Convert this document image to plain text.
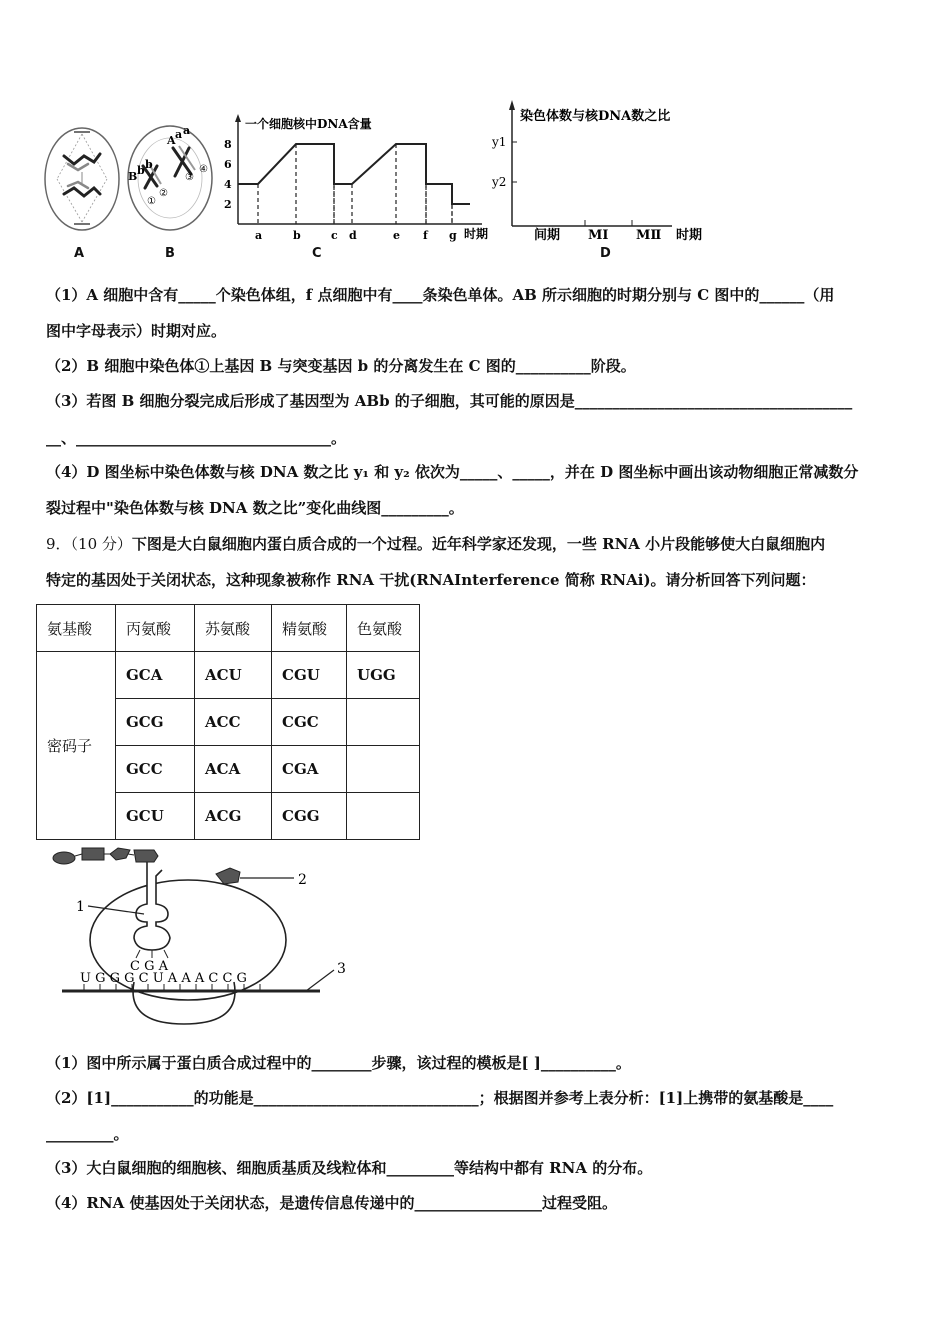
A
B b b
A a a
①
②
③
④
B
一个细胞核中DNA含量
时期
2
4
6
8
a	b	c d	e f g
C
染色体数与核DNA数之比
时期
y1
y2
间期 MⅠ MⅡ
D
（1）A 细胞中含有_____个染色体组，f 点细胞中有____条染色单体。AB 所示细胞的时期分别与 C 图中的______（用
图中字母表示）时期对应。
（2）B 细胞中染色体①上基因 B 与突变基因 b 的分离发生在 C 图的__________阶段。
（3）若图 B 细胞分裂完成后形成了基因型为 ABb 的子细胞，其可能的原因是_____________________________________
__、__________________________________。
（4）D 图坐标中染色体数与核 DNA 数之比 y₁ 和 y₂ 依次为_____、_____，并在 D 图坐标中画出该动物细胞正常减数分
裂过程中"染色体数与核 DNA 数之比”变化曲线图_________。
9．（10 分）下图是大白鼠细胞内蛋白质合成的一个过程。近年科学家还发现，一些 RNA 小片段能够使大白鼠细胞内
特定的基因处于关闭状态，这种现象被称作 RNA 干扰(RNAInterference 简称 RNAi)。请分析回答下列问题：
氨基酸	丙氨酸	苏氨酸	精氨酸	色氨酸
密码子	GCA	ACU	CGU	UGG
	GCG	ACC	CGC	
	GCC	ACA	CGA	
	GCU	ACG	CGG	
C G A
2
1
U G G G C U A A A C C G
3
（1）图中所示属于蛋白质合成过程中的________步骤，该过程的模板是[ ]__________。
（2）[1]___________的功能是______________________________；根据图并参考上表分析：[1]上携带的氨基酸是____
_________。
（3）大白鼠细胞的细胞核、细胞质基质及线粒体和_________等结构中都有 RNA 的分布。
（4）RNA 使基因处于关闭状态，是遗传信息传递中的_________________过程受阻。
